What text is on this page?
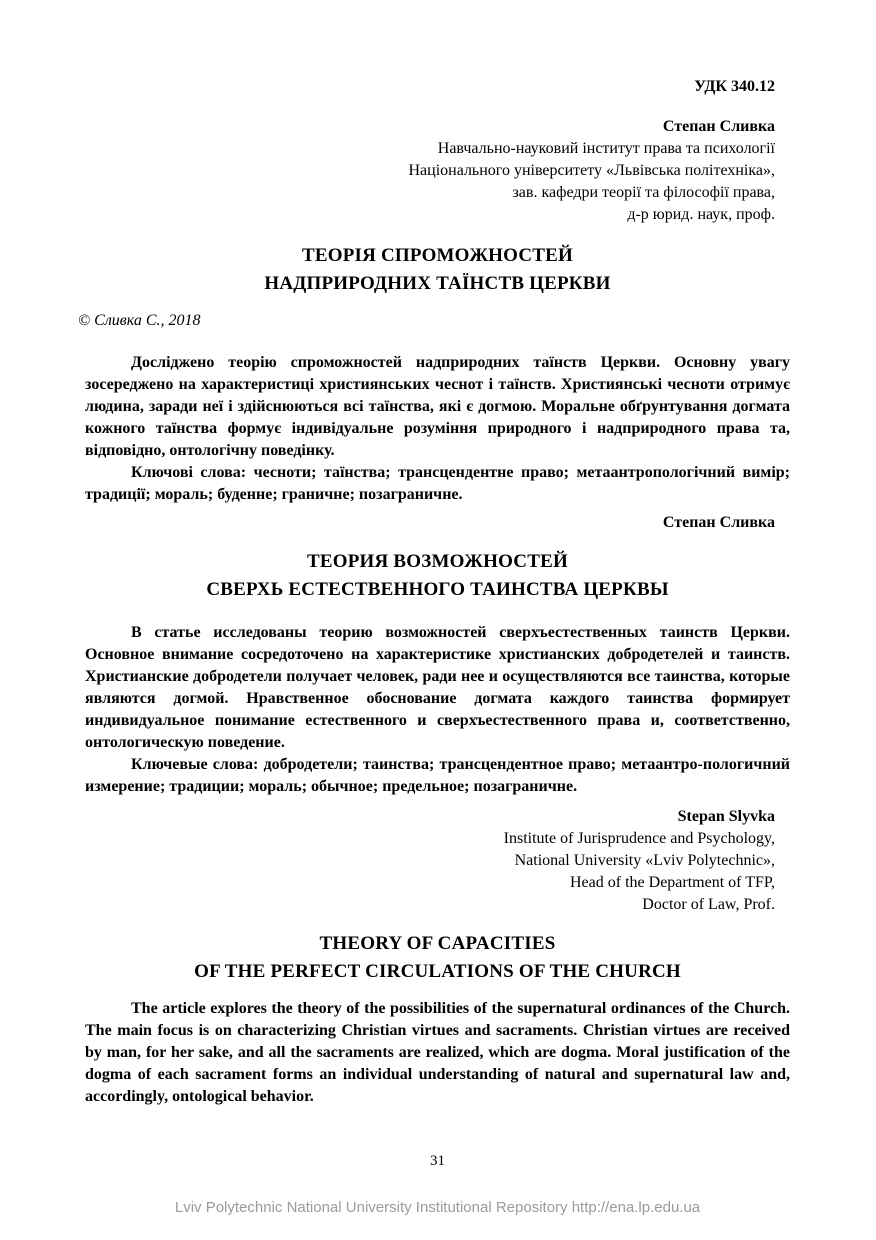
УДК 340.12
Степан Сливка
Навчально-науковий інститут права та психології
Національного університету «Львівська політехніка»,
зав. кафедри теорії та філософії права,
д-р юрид. наук, проф.
ТЕОРІЯ СПРОМОЖНОСТЕЙ
НАДПРИРОДНИХ ТАЇНСТВ ЦЕРКВИ
© Сливка С., 2018
Досліджено теорію спроможностей надприродних таїнств Церкви. Основну увагу зосереджено на характеристиці християнських чеснот і таїнств. Християнські чесноти отримує людина, заради неї і здійснюються всі таїнства, які є догмою. Моральне обґрунтування догмата кожного таїнства формує індивідуальне розуміння природного і надприродного права та, відповідно, онтологічну поведінку.
Ключові слова: чесноти; таїнства; трансцендентне право; метаантропологічний вимір; традиції; мораль; буденне; граничне; позаграничне.
Степан Сливка
ТЕОРИЯ ВОЗМОЖНОСТЕЙ
СВЕРХЬ ЕСТЕСТВЕННОГО ТАИНСТВА ЦЕРКВЫ
В статье исследованы теорию возможностей сверхъестественных таинств Церкви. Основное внимание сосредоточено на характеристике христианских добродетелей и таинств. Христианские добродетели получает человек, ради нее и осуществляются все таинства, которые являются догмой. Нравственное обоснование догмата каждого таинства формирует индивидуальное понимание естественного и сверхъестественного права и, соответственно, онтологическую поведение.
Ключевые слова: добродетели; таинства; трансцендентное право; метаантро-пологичний измерение; традиции; мораль; обычное; предельное; позаграничне.
Stepan Slyvka
Institute of Jurisprudence and Psychology,
National University «Lviv Polytechnic»,
Head of the Department of TFP,
Doctor of Law, Prof.
THEORY OF CAPACITIES
OF THE PERFECT CIRCULATIONS OF THE CHURCH
The article explores the theory of the possibilities of the supernatural ordinances of the Church. The main focus is on characterizing Christian virtues and sacraments. Christian virtues are received by man, for her sake, and all the sacraments are realized, which are dogma. Moral justification of the dogma of each sacrament forms an individual understanding of natural and supernatural law and, accordingly, ontological behavior.
31
Lviv Polytechnic National University Institutional Repository http://ena.lp.edu.ua
